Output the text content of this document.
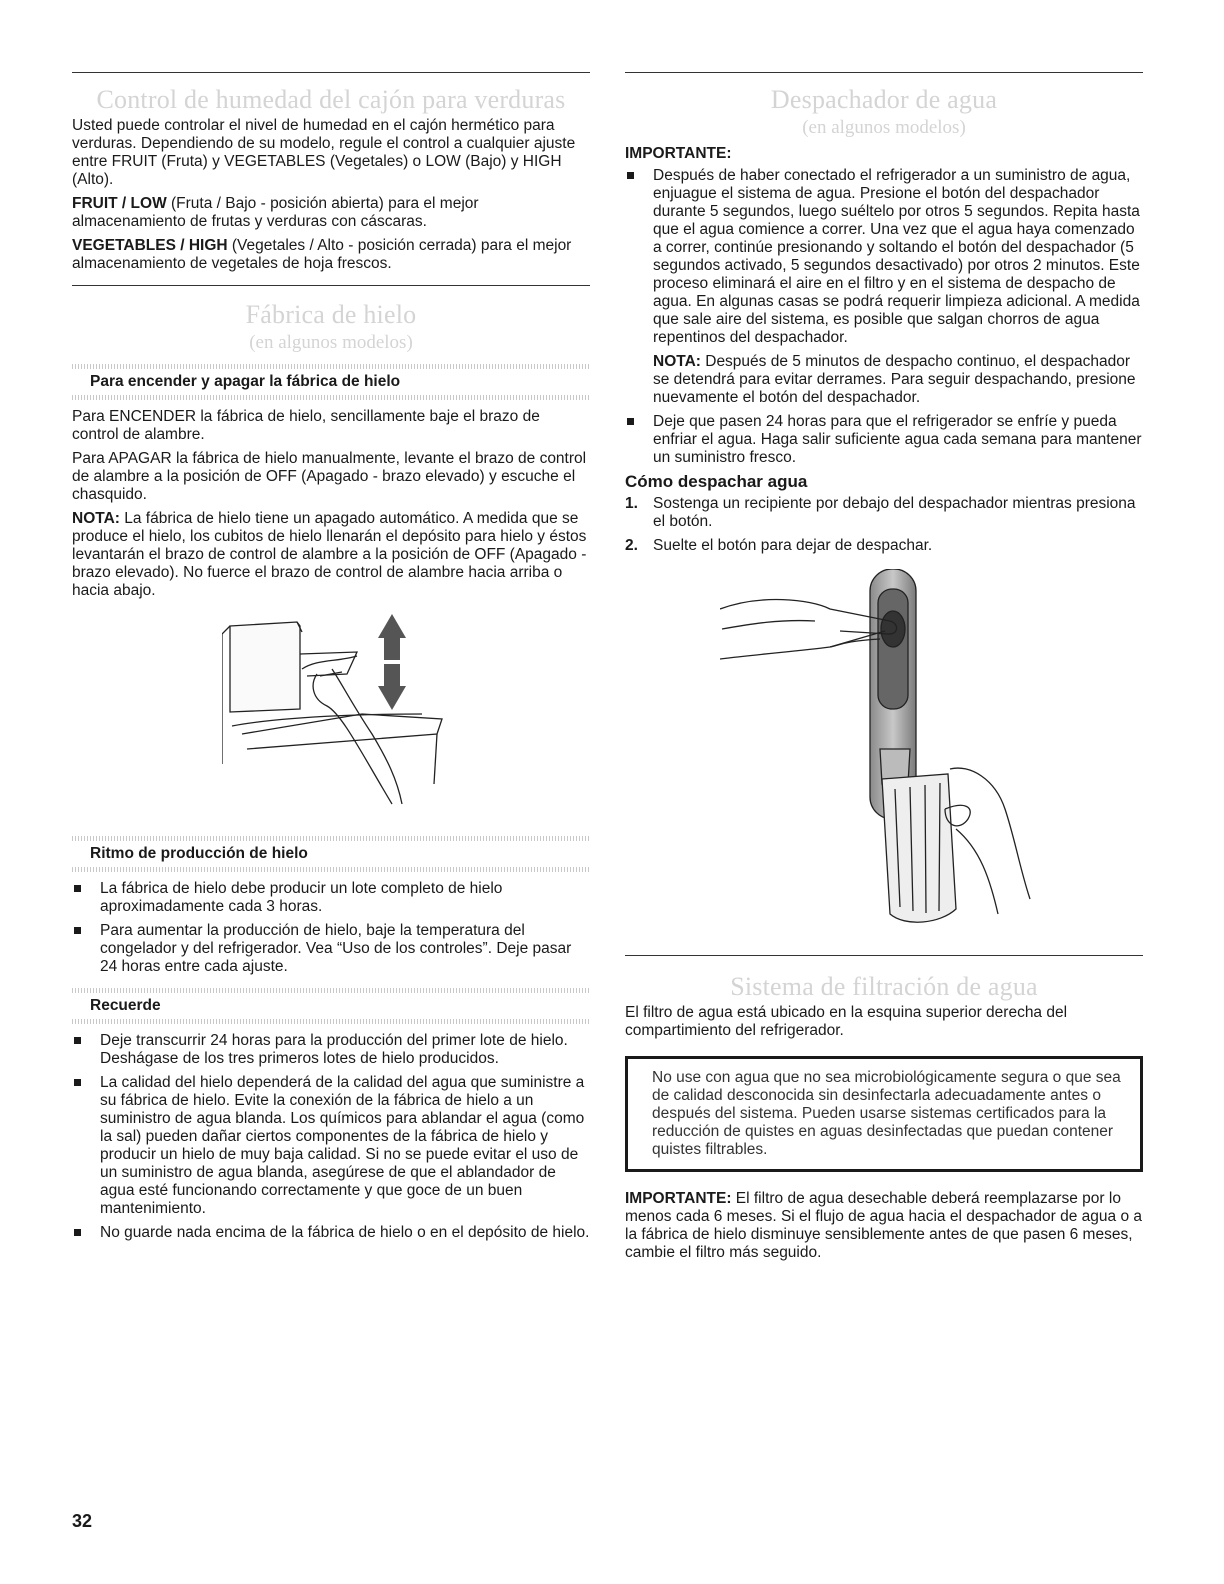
Control de humedad del cajón para verduras

Usted puede controlar el nivel de humedad en el cajón hermético para verduras. Dependiendo de su modelo, regule el control a cualquier ajuste entre FRUIT (Fruta) y VEGETABLES (Vegetales) o LOW (Bajo) y HIGH (Alto).

FRUIT / LOW (Fruta / Bajo - posición abierta) para el mejor almacenamiento de frutas y verduras con cáscaras.

VEGETABLES / HIGH (Vegetales / Alto - posición cerrada) para el mejor almacenamiento de vegetales de hoja frescos.

Fábrica de hielo
(en algunos modelos)
Para encender y apagar la fábrica de hielo

Para ENCENDER la fábrica de hielo, sencillamente baje el brazo de control de alambre.

Para APAGAR la fábrica de hielo manualmente, levante el brazo de control de alambre a la posición de OFF (Apagado - brazo elevado) y escuche el chasquido.

NOTA: La fábrica de hielo tiene un apagado automático. A medida que se produce el hielo, los cubitos de hielo llenarán el depósito para hielo y éstos levantarán el brazo de control de alambre a la posición de OFF (Apagado - brazo elevado). No fuerce el brazo de control de alambre hacia arriba o hacia abajo.

Ritmo de producción de hielo
La fábrica de hielo debe producir un lote completo de hielo aproximadamente cada 3 horas.
Para aumentar la producción de hielo, baje la temperatura del congelador y del refrigerador. Vea “Uso de los controles”. Deje pasar 24 horas entre cada ajuste.
Recuerde
Deje transcurrir 24 horas para la producción del primer lote de hielo. Deshágase de los tres primeros lotes de hielo producidos.
La calidad del hielo dependerá de la calidad del agua que suministre a su fábrica de hielo. Evite la conexión de la fábrica de hielo a un suministro de agua blanda. Los químicos para ablandar el agua (como la sal) pueden dañar ciertos componentes de la fábrica de hielo y producir un hielo de muy baja calidad. Si no se puede evitar el uso de un suministro de agua blanda, asegúrese de que el ablandador de agua esté funcionando correctamente y que goce de un buen mantenimiento.
No guarde nada encima de la fábrica de hielo o en el depósito de hielo.
Despachador de agua
(en algunos modelos)
IMPORTANTE:
Después de haber conectado el refrigerador a un suministro de agua, enjuague el sistema de agua. Presione el botón del despachador durante 5 segundos, luego suéltelo por otros 5 segundos. Repita hasta que el agua comience a correr. Una vez que el agua haya comenzado a correr, continúe presionando y soltando el botón del despachador (5 segundos activado, 5 segundos desactivado) por otros 2 minutos. Este proceso eliminará el aire en el filtro y en el sistema de despacho de agua. En algunas casas se podrá requerir limpieza adicional. A medida que sale aire del sistema, es posible que salgan chorros de agua repentinos del despachador.

NOTA: Después de 5 minutos de despacho continuo, el despachador se detendrá para evitar derrames. Para seguir despachando, presione nuevamente el botón del despachador.

Deje que pasen 24 horas para que el refrigerador se enfríe y pueda enfriar el agua. Haga salir suficiente agua cada semana para mantener un suministro fresco.
Cómo despachar agua
1. Sostenga un recipiente por debajo del despachador mientras presiona el botón.
2. Suelte el botón para dejar de despachar.
Sistema de filtración de agua

El filtro de agua está ubicado en la esquina superior derecha del compartimiento del refrigerador.

No use con agua que no sea microbiológicamente segura o que sea de calidad desconocida sin desinfectarla adecuadamente antes o después del sistema. Pueden usarse sistemas certificados para la reducción de quistes en aguas desinfectadas que puedan contener quistes filtrables.

IMPORTANTE: El filtro de agua desechable deberá reemplazarse por lo menos cada 6 meses. Si el flujo de agua hacia el despachador de agua o a la fábrica de hielo disminuye sensiblemente antes de que pasen 6 meses, cambie el filtro más seguido.

32
